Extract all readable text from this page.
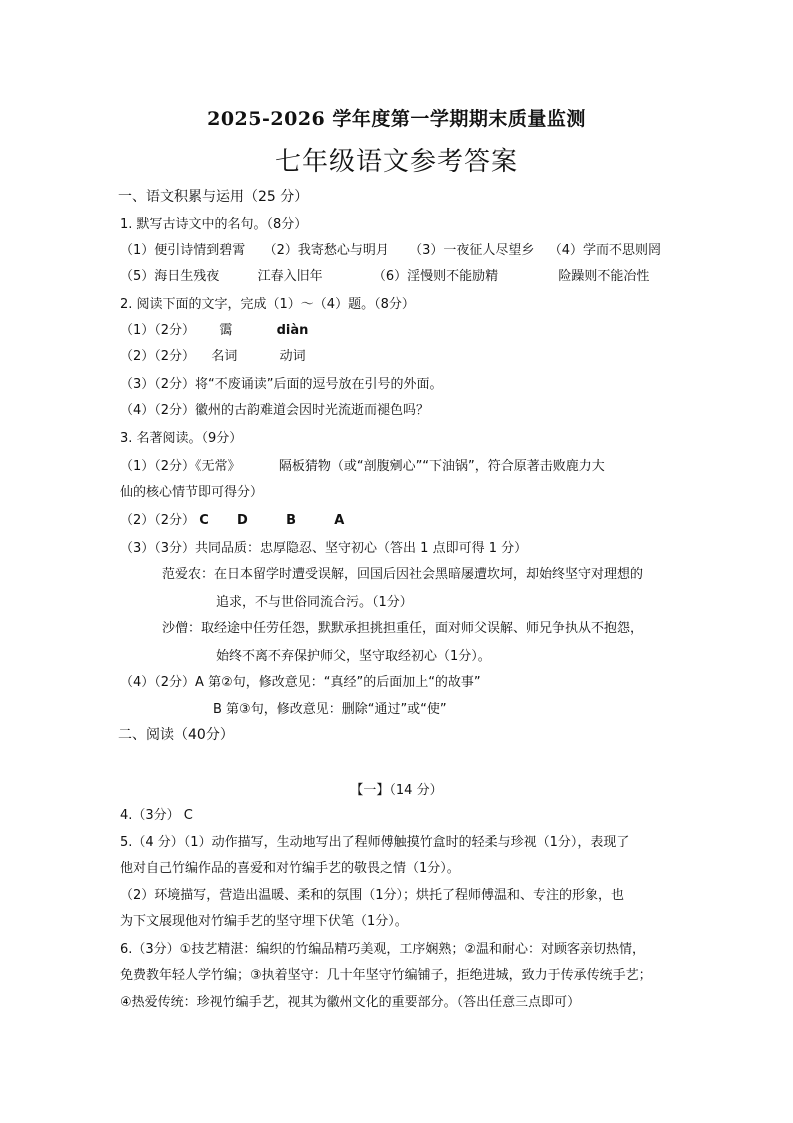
2025-2026 学年度第一学期期末质量监测
七年级语文参考答案
一、语文积累与运用（25 分）
1. 默写古诗文中的名句。（8分）
（1）便引诗情到碧霄 （2）我寄愁心与明月 （3）一夜征人尽望乡 （4）学而不思则罔
（5）海日生残夜	江春入旧年	（6）淫慢则不能励精	险躁则不能冶性
2. 阅读下面的文字，完成（1）～（4）题。（8分）
（1）（2分） 霭	diàn
（2）（2分） 名词	动词
（3）（2分）将“不废诵读”后面的逗号放在引号的外面。
（4）（2分）徽州的古韵难道会因时光流逝而褪色吗？
3. 名著阅读。（9分）
（1）（2分）《无常》	隔板猜物（或“剖腹剜心”“下油锅”，符合原著击败鹿力大
仙的核心情节即可得分）
（2）（2分） C D	B	A
（3）（3分）共同品质：忠厚隐忍、坚守初心（答出 1 点即可得 1 分）
范爱农：在日本留学时遭受误解，回国后因社会黑暗屡遭坎坷，却始终坚守对理想的
追求，不与世俗同流合污。（1分）
沙僧：取经途中任劳任怨，默默承担挑担重任，面对师父误解、师兄争执从不抱怨，
始终不离不弃保护师父，坚守取经初心（1分）。
（4）（2分）A 第②句，修改意见：“真经”的后面加上“的故事”
B 第③句，修改意见：删除“通过”或“使”
二、阅读（40分）
【一】（14 分）
4.（3分） C
5.（4 分）（1）动作描写，生动地写出了程师傅触摸竹盒时的轻柔与珍视（1分），表现了
他对自己竹编作品的喜爱和对竹编手艺的敬畏之情（1分）。
（2）环境描写，营造出温暖、柔和的氛围（1分）；烘托了程师傅温和、专注的形象，也
为下文展现他对竹编手艺的坚守埋下伏笔（1分）。
6.（3分）①技艺精湛：编织的竹编品精巧美观，工序娴熟；②温和耐心：对顾客亲切热情，
免费教年轻人学竹编；③执着坚守：几十年坚守竹编铺子，拒绝进城，致力于传承传统手艺；
④热爱传统：珍视竹编手艺，视其为徽州文化的重要部分。（答出任意三点即可）
